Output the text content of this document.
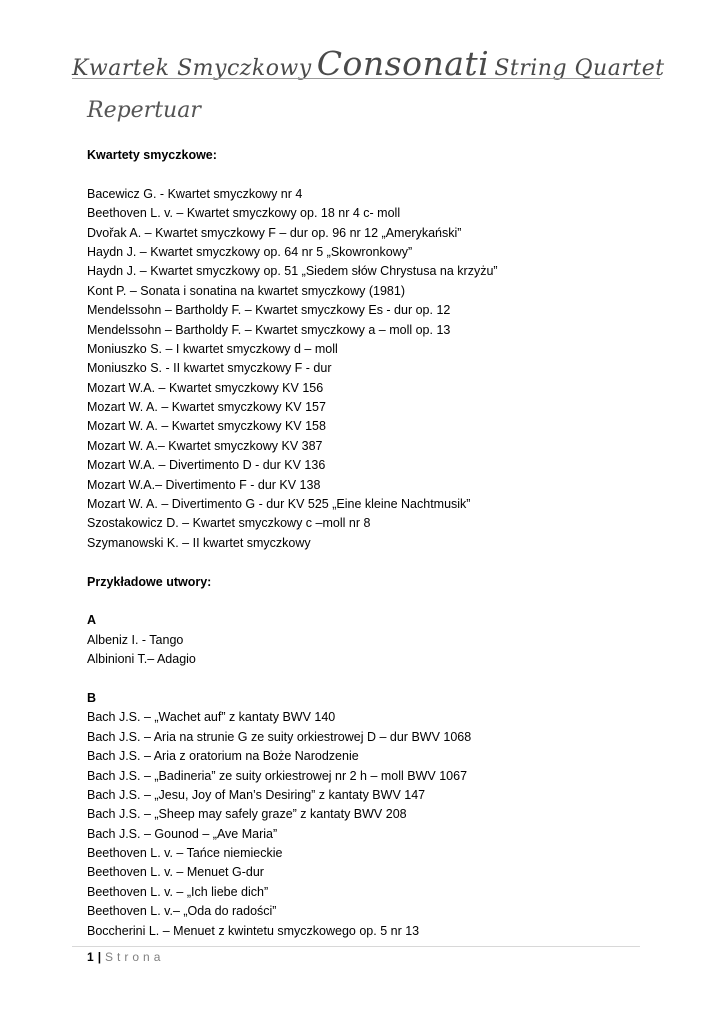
Kwartek Smyczkowy Consonati String Quartet
Repertuar
Kwartety smyczkowe:
Bacewicz G. - Kwartet smyczkowy nr 4
Beethoven L. v. – Kwartet smyczkowy op. 18 nr 4 c- moll
Dvořak A. – Kwartet smyczkowy F – dur op. 96 nr 12 „Amerykański”
Haydn J. – Kwartet smyczkowy op. 64 nr 5 „Skowronkowy”
Haydn J. – Kwartet smyczkowy op. 51 „Siedem słów Chrystusa na krzyżu”
Kont P. – Sonata i sonatina na kwartet smyczkowy (1981)
Mendelssohn – Bartholdy F. – Kwartet smyczkowy Es - dur op. 12
Mendelssohn – Bartholdy F. – Kwartet smyczkowy a – moll op. 13
Moniuszko S. – I kwartet smyczkowy d – moll
Moniuszko S. - II kwartet smyczkowy F - dur
Mozart W.A. – Kwartet smyczkowy KV 156
Mozart W. A. – Kwartet smyczkowy KV 157
Mozart W. A. – Kwartet smyczkowy KV 158
Mozart W. A.– Kwartet smyczkowy KV 387
Mozart W.A. – Divertimento D - dur KV 136
Mozart W.A.– Divertimento F - dur KV 138
Mozart W. A. – Divertimento G - dur KV 525 „Eine kleine Nachtmusik”
Szostakowicz D. – Kwartet smyczkowy c –moll nr 8
Szymanowski K. – II kwartet smyczkowy
Przykładowe utwory:
A
Albeniz I. - Tango
Albinioni T.– Adagio
B
Bach J.S. – „Wachet auf” z kantaty BWV 140
Bach J.S. – Aria na strunie G ze suity orkiestrowej D – dur BWV 1068
Bach J.S. – Aria z oratorium na Boże Narodzenie
Bach J.S. – „Badineria” ze suity orkiestrowej nr 2 h – moll BWV 1067
Bach J.S. – „Jesu, Joy of Man’s Desiring” z kantaty BWV 147
Bach J.S. – „Sheep may safely graze” z kantaty BWV 208
Bach J.S. – Gounod – „Ave Maria”
Beethoven L. v. – Tańce niemieckie
Beethoven L. v. – Menuet G-dur
Beethoven L. v. – „Ich liebe dich”
Beethoven L. v.– „Oda do radości”
Boccherini L. – Menuet z kwintetu smyczkowego op. 5 nr 13
1 | Strona
